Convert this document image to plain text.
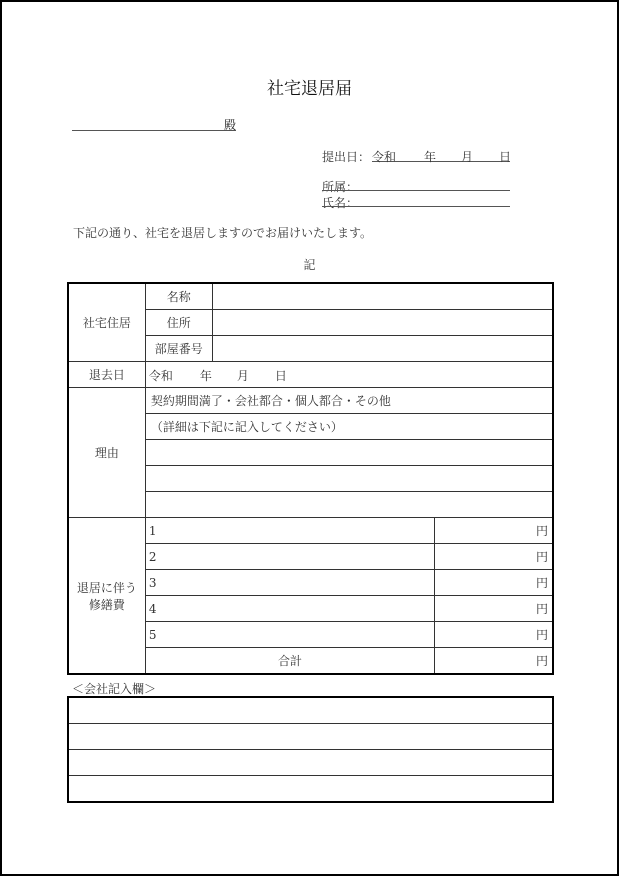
社宅退居届
殿
提出日： 令和 年 月 日
所属：
氏名：
下記の通り、社宅を退居しますのでお届けいたします。
記
社宅住居	名称		
	住所		
	部屋番号		
退去日	令和 年 月 日		

理由	契約期間満了・会社都合・個人都合・その他		
	（詳細は下記に記入してください）		

退居に伴う
修繕費	1		円
	2		円
	3		円
	4		円
	5		円
	合計		円
＜会社記入欄＞
